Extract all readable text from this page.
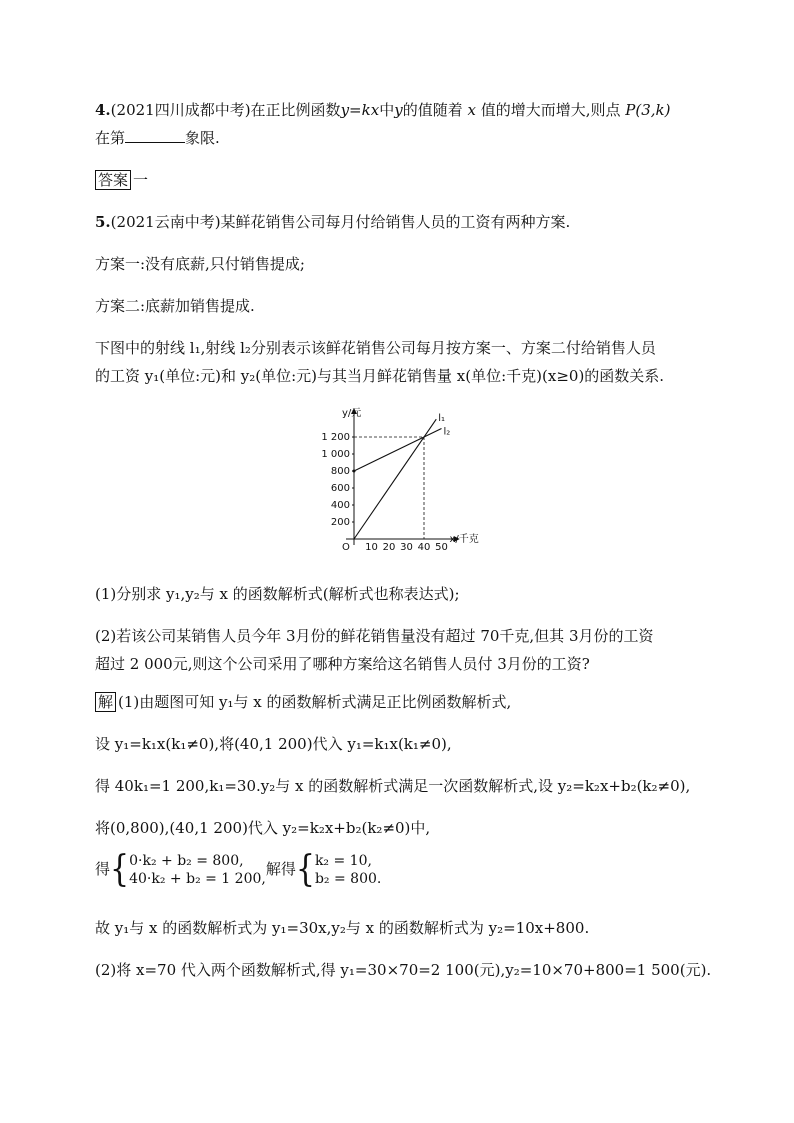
4.(2021四川成都中考)在正比例函数y=kx中y的值随着 x 值的增大而增大,则点 P(3,k)
在第	象限.
答案 一
5.(2021云南中考)某鲜花销售公司每月付给销售人员的工资有两种方案.
方案一:没有底薪,只付销售提成;
方案二:底薪加销售提成.
下图中的射线 l₁,射线 l₂分别表示该鲜花销售公司每月按方案一、方案二付给销售人员
的工资 y₁(单位:元)和 y₂(单位:元)与其当月鲜花销售量 x(单位:千克)(x≥0)的函数关系.
y/元
x/千克
O 10 20 30 40 50
200
400
600
800
1 000
1 200
l₁
l₂
(1)分别求 y₁,y₂与 x 的函数解析式(解析式也称表达式);
(2)若该公司某销售人员今年 3月份的鲜花销售量没有超过 70千克,但其 3月份的工资
超过 2 000元,则这个公司采用了哪种方案给这名销售人员付 3月份的工资?
解 (1)由题图可知 y₁与 x 的函数解析式满足正比例函数解析式,
设 y₁=k₁x(k₁≠0),将(40,1 200)代入 y₁=k₁x(k₁≠0),
得 40k₁=1 200,k₁=30.y₂与 x 的函数解析式满足一次函数解析式,设 y₂=k₂x+b₂(k₂≠0),
将(0,800),(40,1 200)代入 y₂=k₂x+b₂(k₂≠0)中,
得{0·k₂ + b₂ = 800,
40·k₂ + b₂ = 1 200,解得{k₂ = 10,
b₂ = 800.
故 y₁与 x 的函数解析式为 y₁=30x,y₂与 x 的函数解析式为 y₂=10x+800.
(2)将 x=70 代入两个函数解析式,得 y₁=30×70=2 100(元),y₂=10×70+800=1 500(元).
